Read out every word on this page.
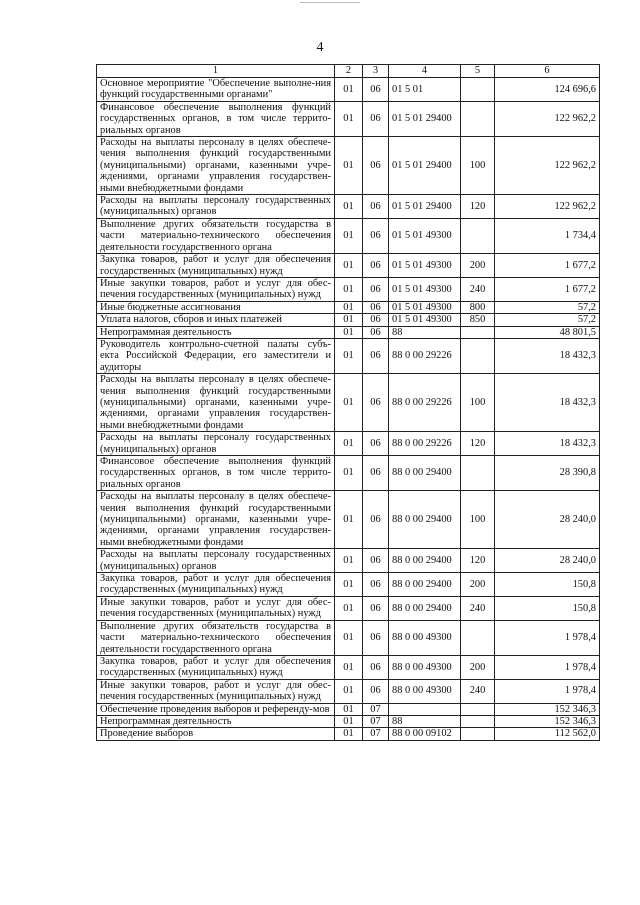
4
1	2	3	4	5	6
Основное мероприятие "Обеспечение выполне-ния функций государственными органами"	01	06	01 5 01		124 696,6
Финансовое обеспечение выполнения функций государственных органов, в том числе террито-риальных органов	01	06	01 5 01 29400		122 962,2
Расходы на выплаты персоналу в целях обеспече-чения выполнения функций государственными (муниципальными) органами, казенными учре-ждениями, органами управления государствен-ными внебюджетными фондами	01	06	01 5 01 29400	100	122 962,2
Расходы на выплаты персоналу государственных (муниципальных) органов	01	06	01 5 01 29400	120	122 962,2
Выполнение других обязательств государства в части материально-технического обеспечения деятельности государственного органа	01	06	01 5 01 49300		1 734,4
Закупка товаров, работ и услуг для обеспечения государственных (муниципальных) нужд	01	06	01 5 01 49300	200	1 677,2
Иные закупки товаров, работ и услуг для обес-печения государственных (муниципальных) нужд	01	06	01 5 01 49300	240	1 677,2
Иные бюджетные ассигнования	01	06	01 5 01 49300	800	57,2
Уплата налогов, сборов и иных платежей	01	06	01 5 01 49300	850	57,2
Непрограммная деятельность	01	06	88		48 801,5
Руководитель контрольно-счетной палаты субъ-екта Российской Федерации, его заместители и аудиторы	01	06	88 0 00 29226		18 432,3
Расходы на выплаты персоналу в целях обеспече-чения выполнения функций государственными (муниципальными) органами, казенными учре-ждениями, органами управления государствен-ными внебюджетными фондами	01	06	88 0 00 29226	100	18 432,3
Расходы на выплаты персоналу государственных (муниципальных) органов	01	06	88 0 00 29226	120	18 432,3
Финансовое обеспечение выполнения функций государственных органов, в том числе террито-риальных органов	01	06	88 0 00 29400		28 390,8
Расходы на выплаты персоналу в целях обеспече-чения выполнения функций государственными (муниципальными) органами, казенными учре-ждениями, органами управления государствен-ными внебюджетными фондами	01	06	88 0 00 29400	100	28 240,0
Расходы на выплаты персоналу государственных (муниципальных) органов	01	06	88 0 00 29400	120	28 240,0
Закупка товаров, работ и услуг для обеспечения государственных (муниципальных) нужд	01	06	88 0 00 29400	200	150,8
Иные закупки товаров, работ и услуг для обес-печения государственных (муниципальных) нужд	01	06	88 0 00 29400	240	150,8
Выполнение других обязательств государства в части материально-технического обеспечения деятельности государственного органа	01	06	88 0 00 49300		1 978,4
Закупка товаров, работ и услуг для обеспечения государственных (муниципальных) нужд	01	06	88 0 00 49300	200	1 978,4
Иные закупки товаров, работ и услуг для обес-печения государственных (муниципальных) нужд	01	06	88 0 00 49300	240	1 978,4
Обеспечение проведения выборов и референду-мов	01	07			152 346,3
Непрограммная деятельность	01	07	88		152 346,3
Проведение выборов	01	07	88 0 00 09102		112 562,0
